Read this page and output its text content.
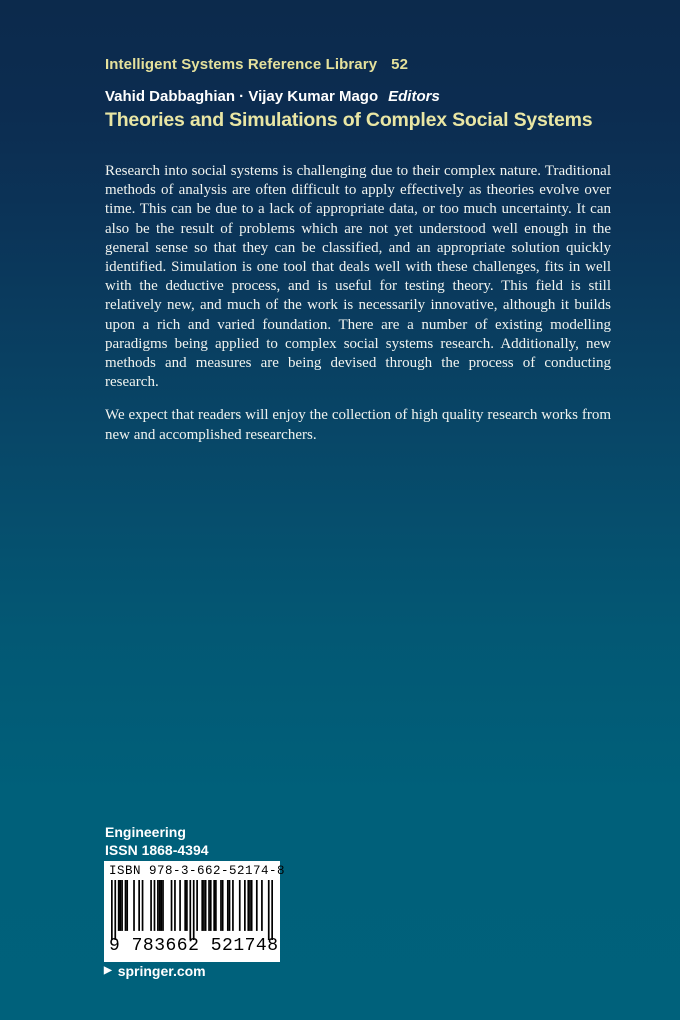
Intelligent Systems Reference Library 52
Vahid Dabbaghian · Vijay Kumar Mago Editors
Theories and Simulations of Complex Social Systems

Research into social systems is challenging due to their complex nature. Traditional methods of analysis are often difficult to apply effectively as theories evolve over time. This can be due to a lack of appropriate data, or too much uncertainty. It can also be the result of problems which are not yet understood well enough in the general sense so that they can be classified, and an appropriate solution quickly identified. Simulation is one tool that deals well with these challenges, fits in well with the deductive process, and is useful for testing theory. This field is still relatively new, and much of the work is necessarily innovative, although it builds upon a rich and varied foundation. There are a number of existing modelling paradigms being applied to complex social systems research. Additionally, new methods and measures are being devised through the process of conducting research.

We expect that readers will enjoy the collection of high quality research works from new and accomplished researchers.

Engineering
ISSN 1868-4394
ISBN 978-3-662-52174-8
9 783662 521748
▶ springer.com
